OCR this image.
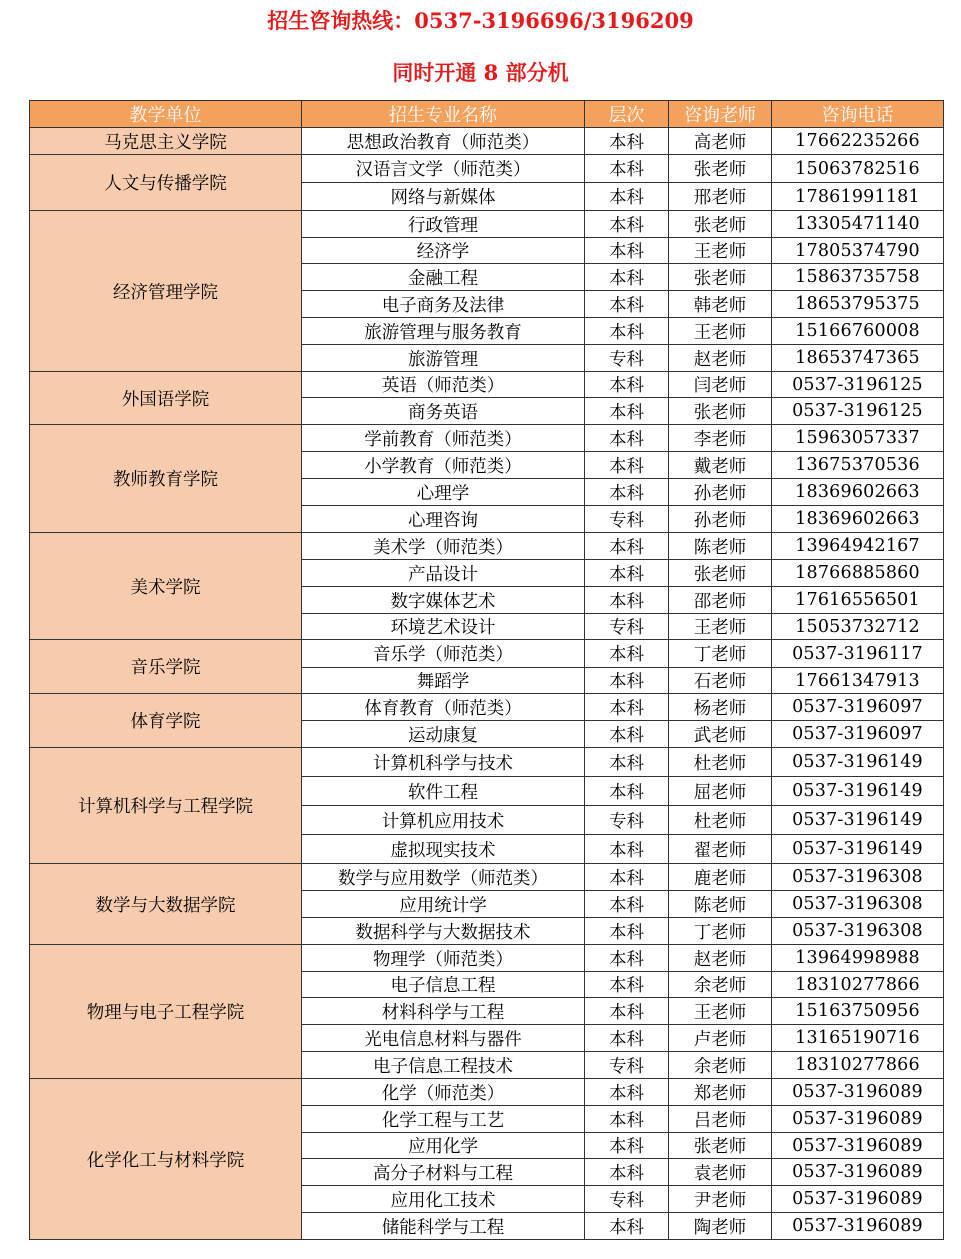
招生咨询热线：0537-3196696/3196209
同时开通 8 部分机
教学单位	招生专业名称	层次	咨询老师	咨询电话
马克思主义学院	思想政治教育（师范类）	本科	高老师	17662235266
人文与传播学院	汉语言文学（师范类）	本科	张老师	15063782516
	网络与新媒体	本科	邢老师	17861991181
经济管理学院	行政管理	本科	张老师	13305471140
	经济学	本科	王老师	17805374790
	金融工程	本科	张老师	15863735758
	电子商务及法律	本科	韩老师	18653795375
	旅游管理与服务教育	本科	王老师	15166760008
	旅游管理	专科	赵老师	18653747365
外国语学院	英语（师范类）	本科	闫老师	0537-3196125
	商务英语	本科	张老师	0537-3196125
教师教育学院	学前教育（师范类）	本科	李老师	15963057337
	小学教育（师范类）	本科	戴老师	13675370536
	心理学	本科	孙老师	18369602663
	心理咨询	专科	孙老师	18369602663
美术学院	美术学（师范类）	本科	陈老师	13964942167
	产品设计	本科	张老师	18766885860
	数字媒体艺术	本科	邵老师	17616556501
	环境艺术设计	专科	王老师	15053732712
音乐学院	音乐学（师范类）	本科	丁老师	0537-3196117
	舞蹈学	本科	石老师	17661347913
体育学院	体育教育（师范类）	本科	杨老师	0537-3196097
	运动康复	本科	武老师	0537-3196097
计算机科学与工程学院	计算机科学与技术	本科	杜老师	0537-3196149
	软件工程	本科	屈老师	0537-3196149
	计算机应用技术	专科	杜老师	0537-3196149
	虚拟现实技术	本科	翟老师	0537-3196149
数学与大数据学院	数学与应用数学（师范类）	本科	鹿老师	0537-3196308
	应用统计学	本科	陈老师	0537-3196308
	数据科学与大数据技术	本科	丁老师	0537-3196308
物理与电子工程学院	物理学（师范类）	本科	赵老师	13964998988
	电子信息工程	本科	余老师	18310277866
	材料科学与工程	本科	王老师	15163750956
	光电信息材料与器件	本科	卢老师	13165190716
	电子信息工程技术	专科	余老师	18310277866
化学化工与材料学院	化学（师范类）	本科	郑老师	0537-3196089
	化学工程与工艺	本科	吕老师	0537-3196089
	应用化学	本科	张老师	0537-3196089
	高分子材料与工程	本科	袁老师	0537-3196089
	应用化工技术	专科	尹老师	0537-3196089
	储能科学与工程	本科	陶老师	0537-3196089
